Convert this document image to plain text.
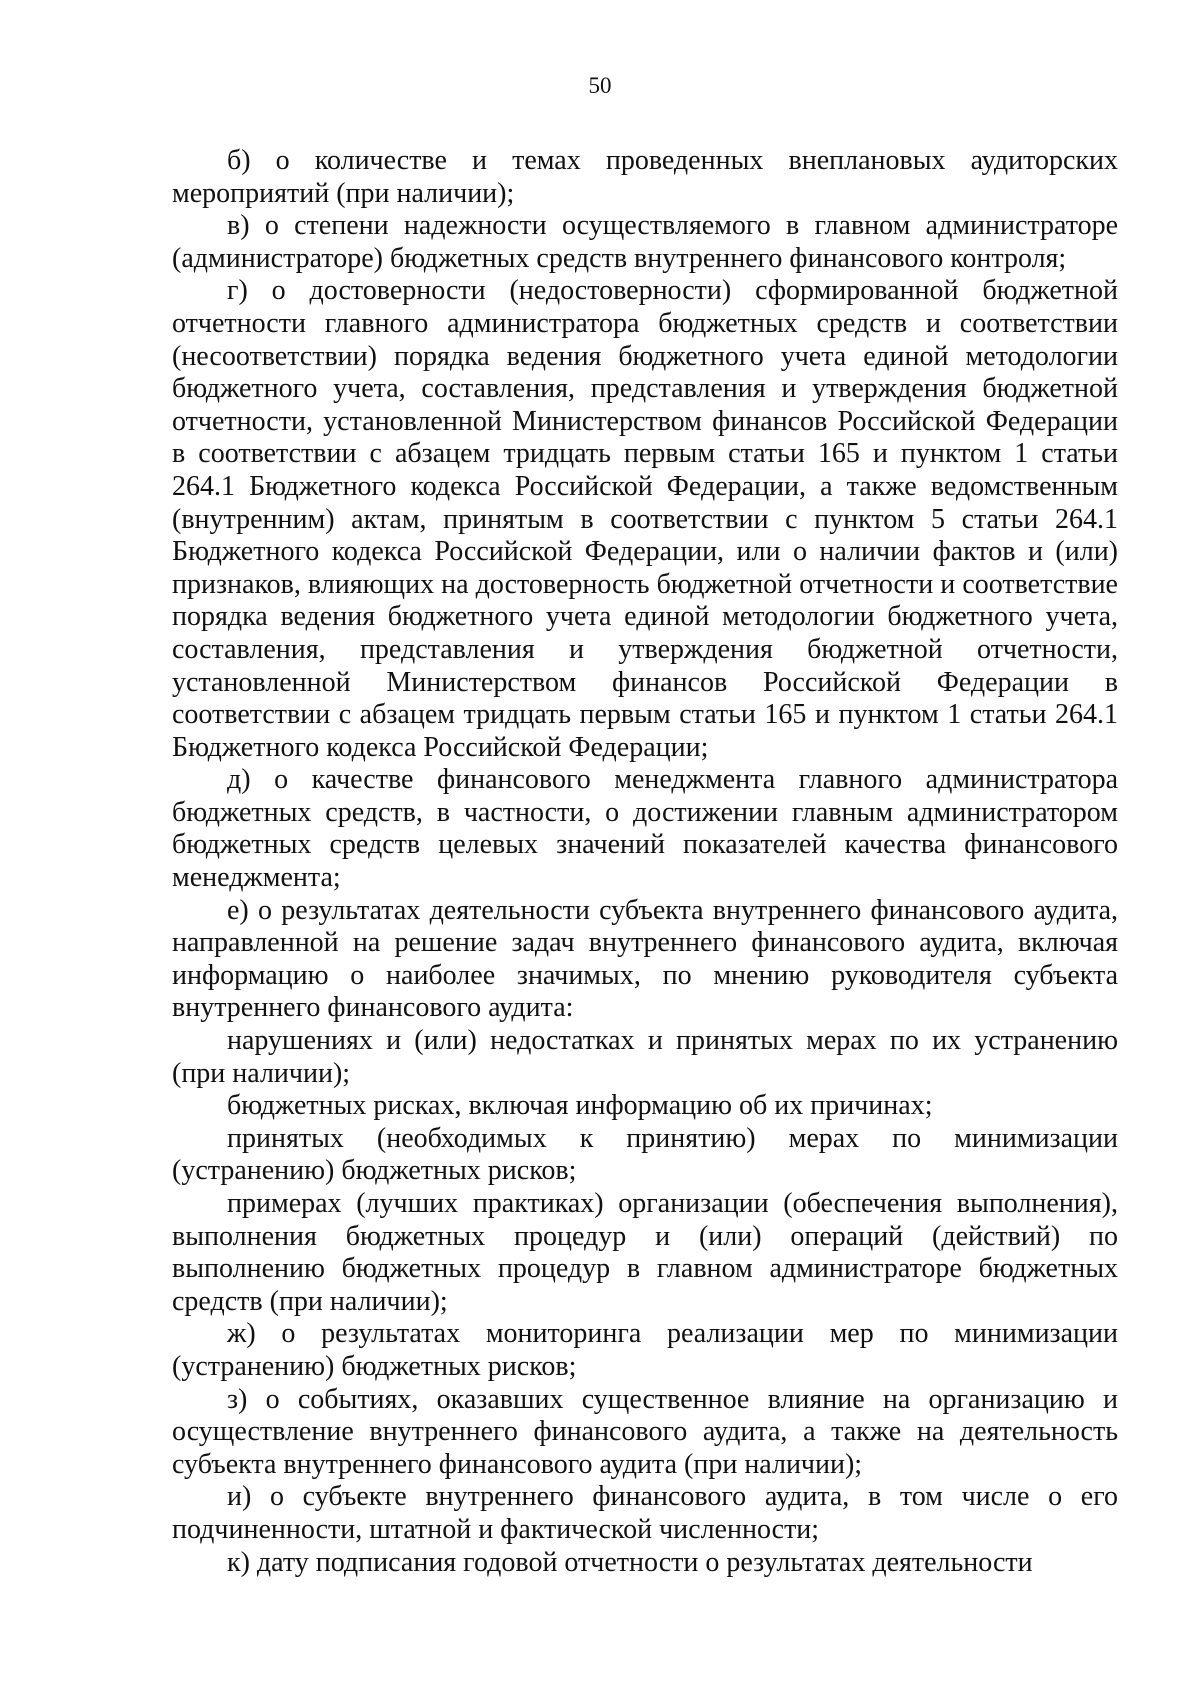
50

б) о количестве и темах проведенных внеплановых аудиторских мероприятий (при наличии);

в) о степени надежности осуществляемого в главном администраторе (администраторе) бюджетных средств внутреннего финансового контроля;

г) о достоверности (недостоверности) сформированной бюджетной отчетности главного администратора бюджетных средств и соответствии (несоответствии) порядка ведения бюджетного учета единой методологии бюджетного учета, составления, представления и утверждения бюджетной отчетности, установленной Министерством финансов Российской Федерации в соответствии с абзацем тридцать первым статьи 165 и пунктом 1 статьи 264.1 Бюджетного кодекса Российской Федерации, а также ведомственным (внутренним) актам, принятым в соответствии с пунктом 5 статьи 264.1 Бюджетного кодекса Российской Федерации, или о наличии фактов и (или) признаков, влияющих на достоверность бюджетной отчетности и соответствие порядка ведения бюджетного учета единой методологии бюджетного учета, составления, представления и утверждения бюджетной отчетности, установленной Министерством финансов Российской Федерации в соответствии с абзацем тридцать первым статьи 165 и пунктом 1 статьи 264.1 Бюджетного кодекса Российской Федерации;

д) о качестве финансового менеджмента главного администратора бюджетных средств, в частности, о достижении главным администратором бюджетных средств целевых значений показателей качества финансового менеджмента;

е) о результатах деятельности субъекта внутреннего финансового аудита, направленной на решение задач внутреннего финансового аудита, включая информацию о наиболее значимых, по мнению руководителя субъекта внутреннего финансового аудита:

нарушениях и (или) недостатках и принятых мерах по их устранению (при наличии);

бюджетных рисках, включая информацию об их причинах;

принятых (необходимых к принятию) мерах по минимизации (устранению) бюджетных рисков;

примерах (лучших практиках) организации (обеспечения выполнения), выполнения бюджетных процедур и (или) операций (действий) по выполнению бюджетных процедур в главном администраторе бюджетных средств (при наличии);

ж) о результатах мониторинга реализации мер по минимизации (устранению) бюджетных рисков;

з) о событиях, оказавших существенное влияние на организацию и осуществление внутреннего финансового аудита, а также на деятельность субъекта внутреннего финансового аудита (при наличии);

и) о субъекте внутреннего финансового аудита, в том числе о его подчиненности, штатной и фактической численности;

к) дату подписания годовой отчетности о результатах деятельности
